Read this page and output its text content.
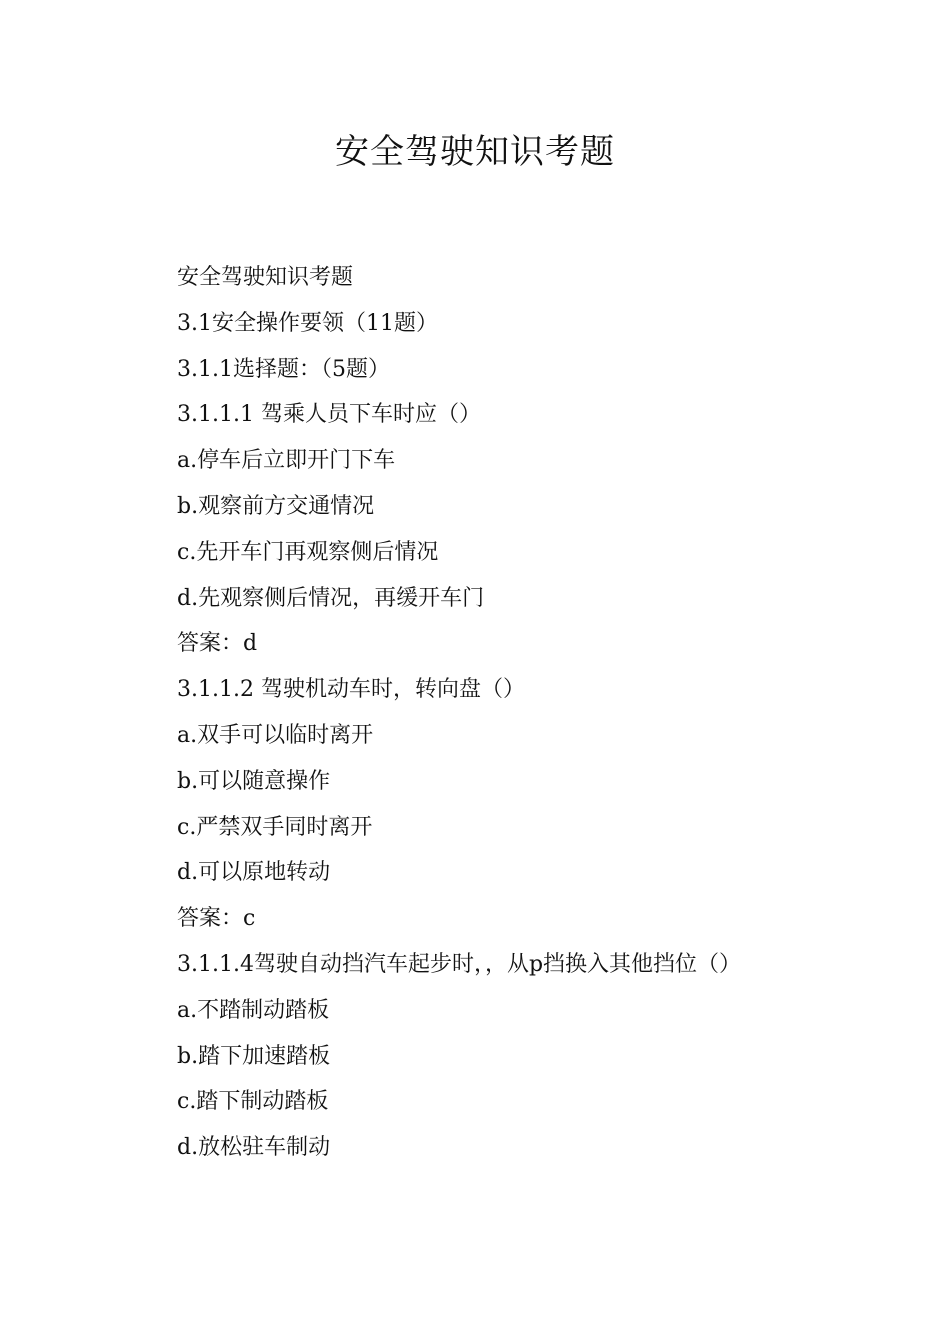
安全驾驶知识考题
安全驾驶知识考题
3.1安全操作要领（11题）
3.1.1选择题：（5题）
3.1.1.1 驾乘人员下车时应（）
a.停车后立即开门下车
b.观察前方交通情况
c.先开车门再观察侧后情况
d.先观察侧后情况，再缓开车门
答案：d
3.1.1.2 驾驶机动车时，转向盘（）
a.双手可以临时离开
b.可以随意操作
c.严禁双手同时离开
d.可以原地转动
答案：c
3.1.1.4驾驶自动挡汽车起步时，，从p挡换入其他挡位（）
a.不踏制动踏板
b.踏下加速踏板
c.踏下制动踏板
d.放松驻车制动
